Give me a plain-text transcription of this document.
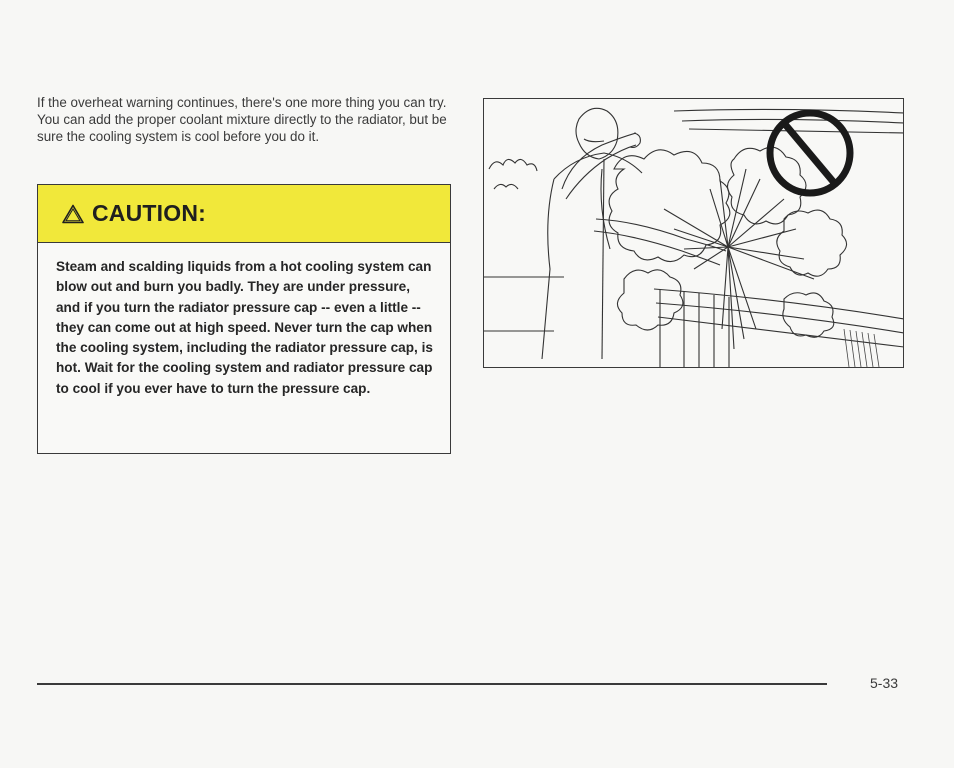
If the overheat warning continues, there's one more thing you can try. You can add the proper coolant mixture directly to the radiator, but be sure the cooling system is cool before you do it.

CAUTION:
Steam and scalding liquids from a hot cooling system can blow out and burn you badly. They are under pressure, and if you turn the radiator pressure cap -- even a little -- they can come out at high speed. Never turn the cap when the cooling system, including the radiator pressure cap, is hot. Wait for the cooling system and radiator pressure cap to cool if you ever have to turn the pressure cap.
5-33
